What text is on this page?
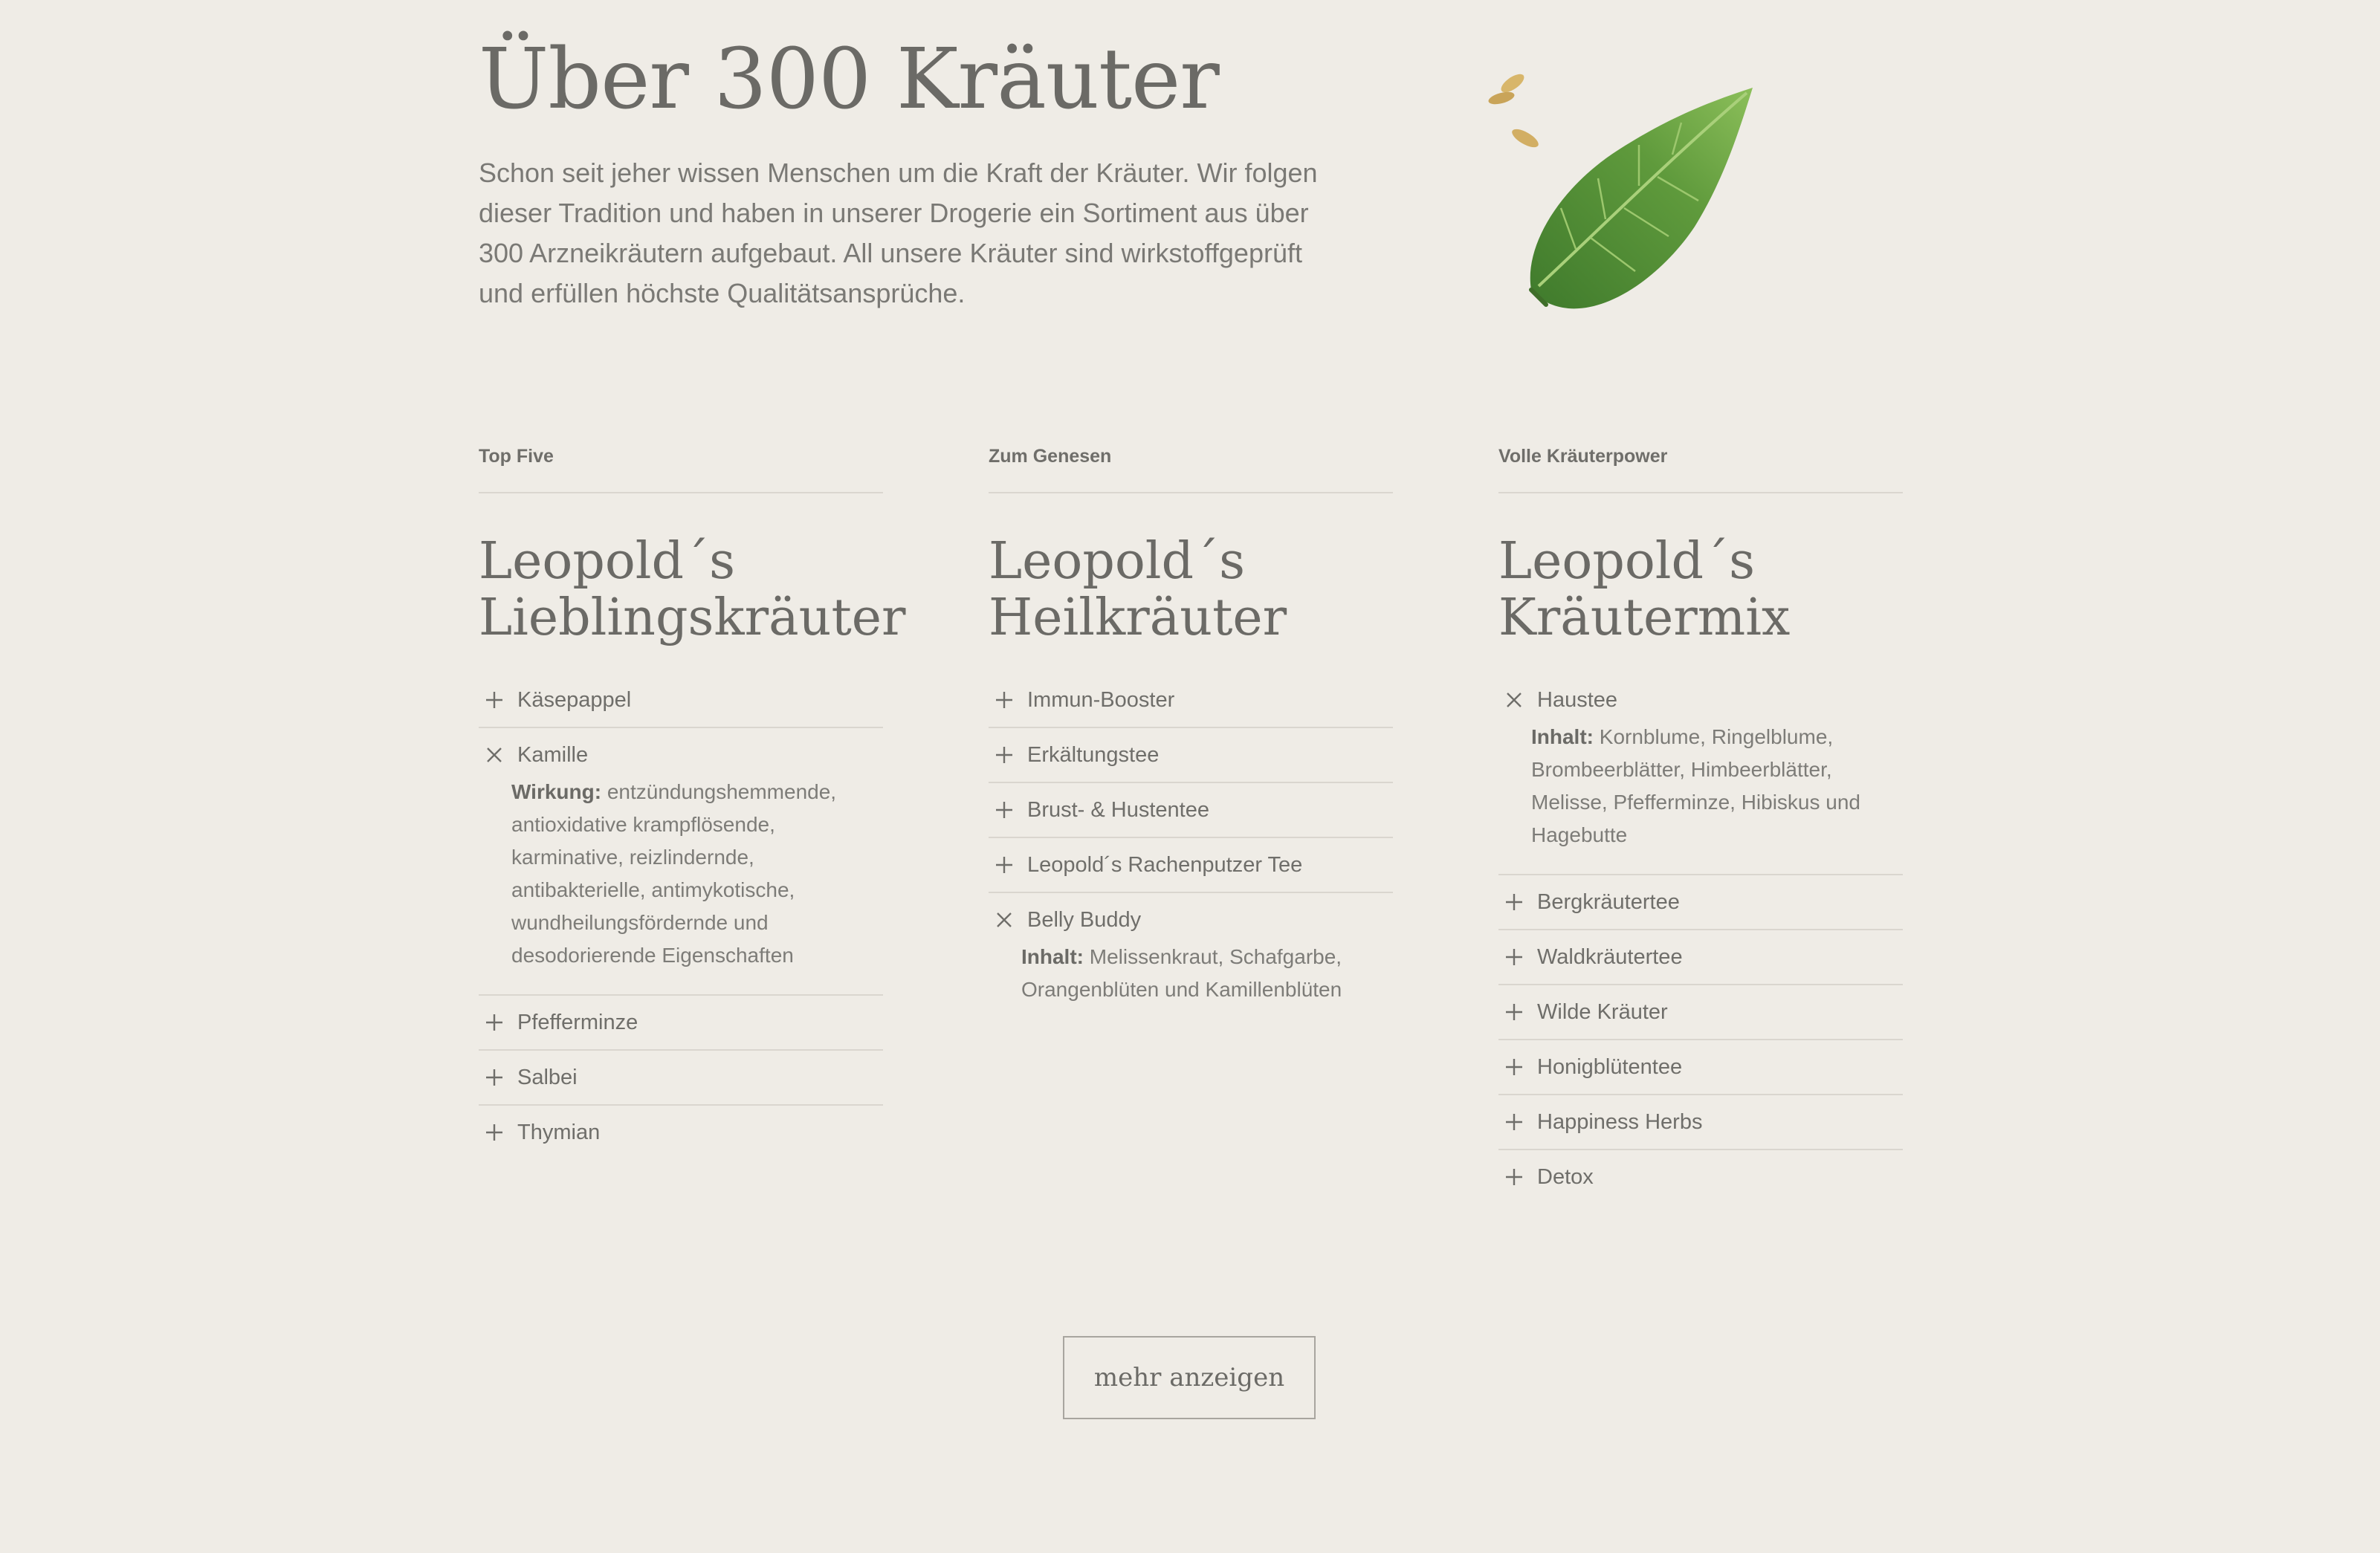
Über 300 Kräuter

Schon seit jeher wissen Menschen um die Kraft der Kräuter. Wir folgen dieser Tradition und haben in unserer Drogerie ein Sortiment aus über 300 Arzneikräutern aufgebaut. All unsere Kräuter sind wirkstoffgeprüft und erfüllen höchste Qualitätsansprüche.

Top Five
Leopold´s
Lieblingskräuter
Käsepappel
Kamille
Wirkung: entzündungshemmende, antioxidative krampflösende, karminative, reizlindernde, antibakterielle, antimykotische, wundheilungsfördernde und desodorierende Eigenschaften
Pfefferminze
Salbei
Thymian
Zum Genesen
Leopold´s
Heilkräuter
Immun-Booster
Erkältungstee
Brust- & Hustentee
Leopold´s Rachenputzer Tee
Belly Buddy
Inhalt: Melissenkraut, Schafgarbe, Orangenblüten und Kamillenblüten
Volle Kräuterpower
Leopold´s
Kräutermix
Haustee
Inhalt: Kornblume, Ringelblume, Brombeerblätter, Himbeerblätter, Melisse, Pfefferminze, Hibiskus und Hagebutte
Bergkräutertee
Waldkräutertee
Wilde Kräuter
Honigblütentee
Happiness Herbs
Detox
mehr anzeigen
